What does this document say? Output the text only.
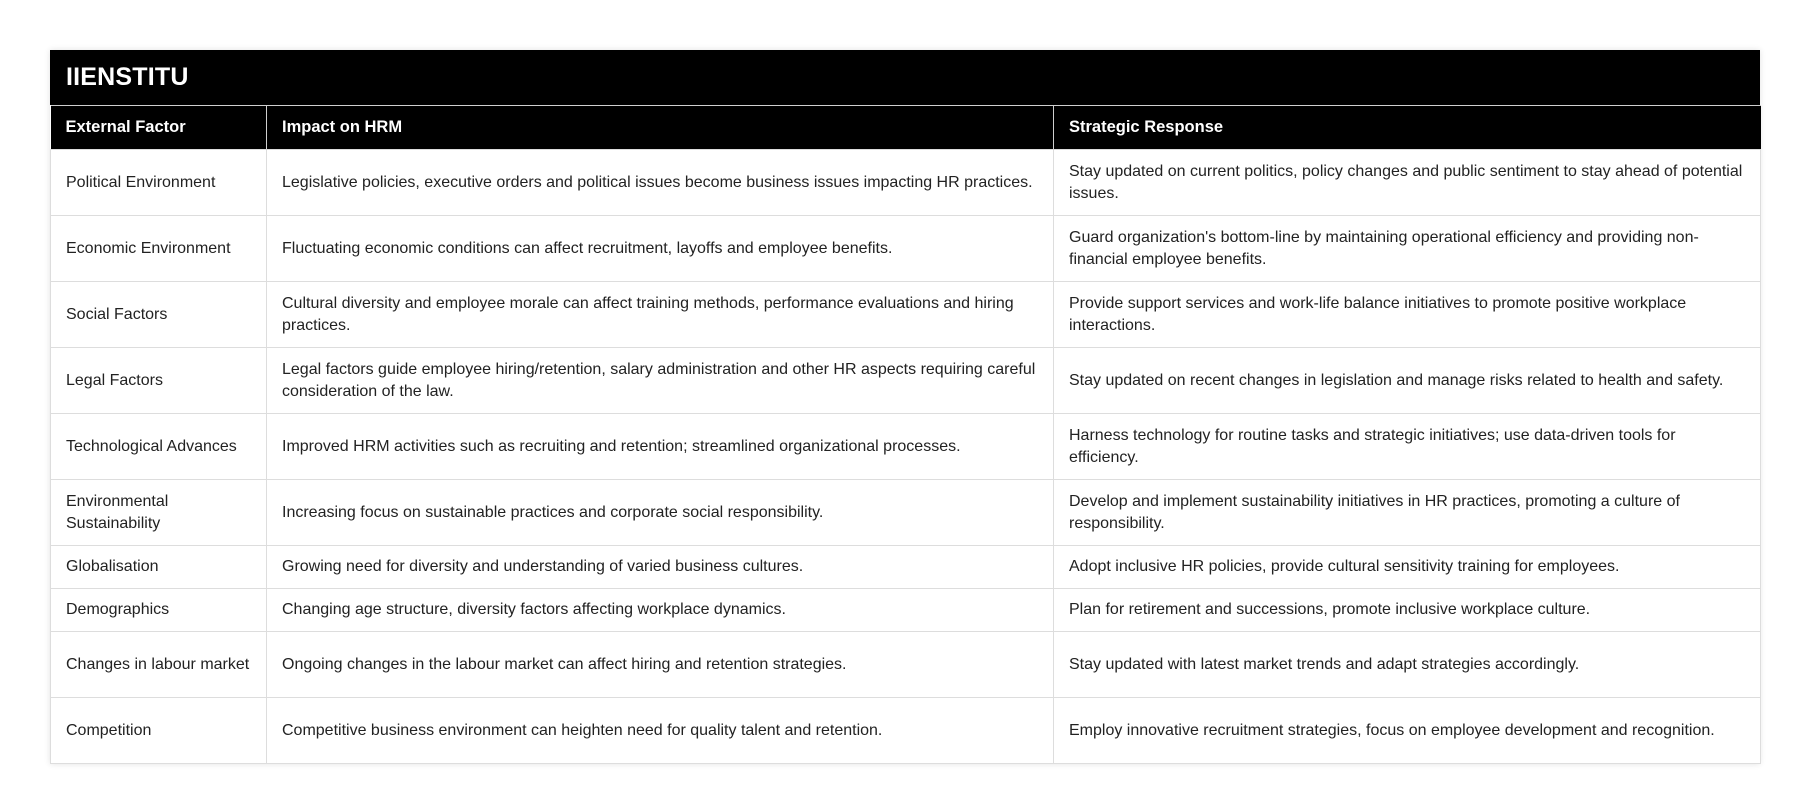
IIENSTITU
External Factor	Impact on HRM	Strategic Response
Political Environment	Legislative policies, executive orders and political issues become business issues impacting HR practices.	Stay updated on current politics, policy changes and public sentiment to stay ahead of potential issues.
Economic Environment	Fluctuating economic conditions can affect recruitment, layoffs and employee benefits.	Guard organization's bottom-line by maintaining operational efficiency and providing non-financial employee benefits.
Social Factors	Cultural diversity and employee morale can affect training methods, performance evaluations and hiring practices.	Provide support services and work-life balance initiatives to promote positive workplace interactions.
Legal Factors	Legal factors guide employee hiring/retention, salary administration and other HR aspects requiring careful consideration of the law.	Stay updated on recent changes in legislation and manage risks related to health and safety.
Technological Advances	Improved HRM activities such as recruiting and retention; streamlined organizational processes.	Harness technology for routine tasks and strategic initiatives; use data-driven tools for efficiency.
Environmental Sustainability	Increasing focus on sustainable practices and corporate social responsibility.	Develop and implement sustainability initiatives in HR practices, promoting a culture of responsibility.
Globalisation	Growing need for diversity and understanding of varied business cultures.	Adopt inclusive HR policies, provide cultural sensitivity training for employees.
Demographics	Changing age structure, diversity factors affecting workplace dynamics.	Plan for retirement and successions, promote inclusive workplace culture.
Changes in labour market	Ongoing changes in the labour market can affect hiring and retention strategies.	Stay updated with latest market trends and adapt strategies accordingly.
Competition	Competitive business environment can heighten need for quality talent and retention.	Employ innovative recruitment strategies, focus on employee development and recognition.
